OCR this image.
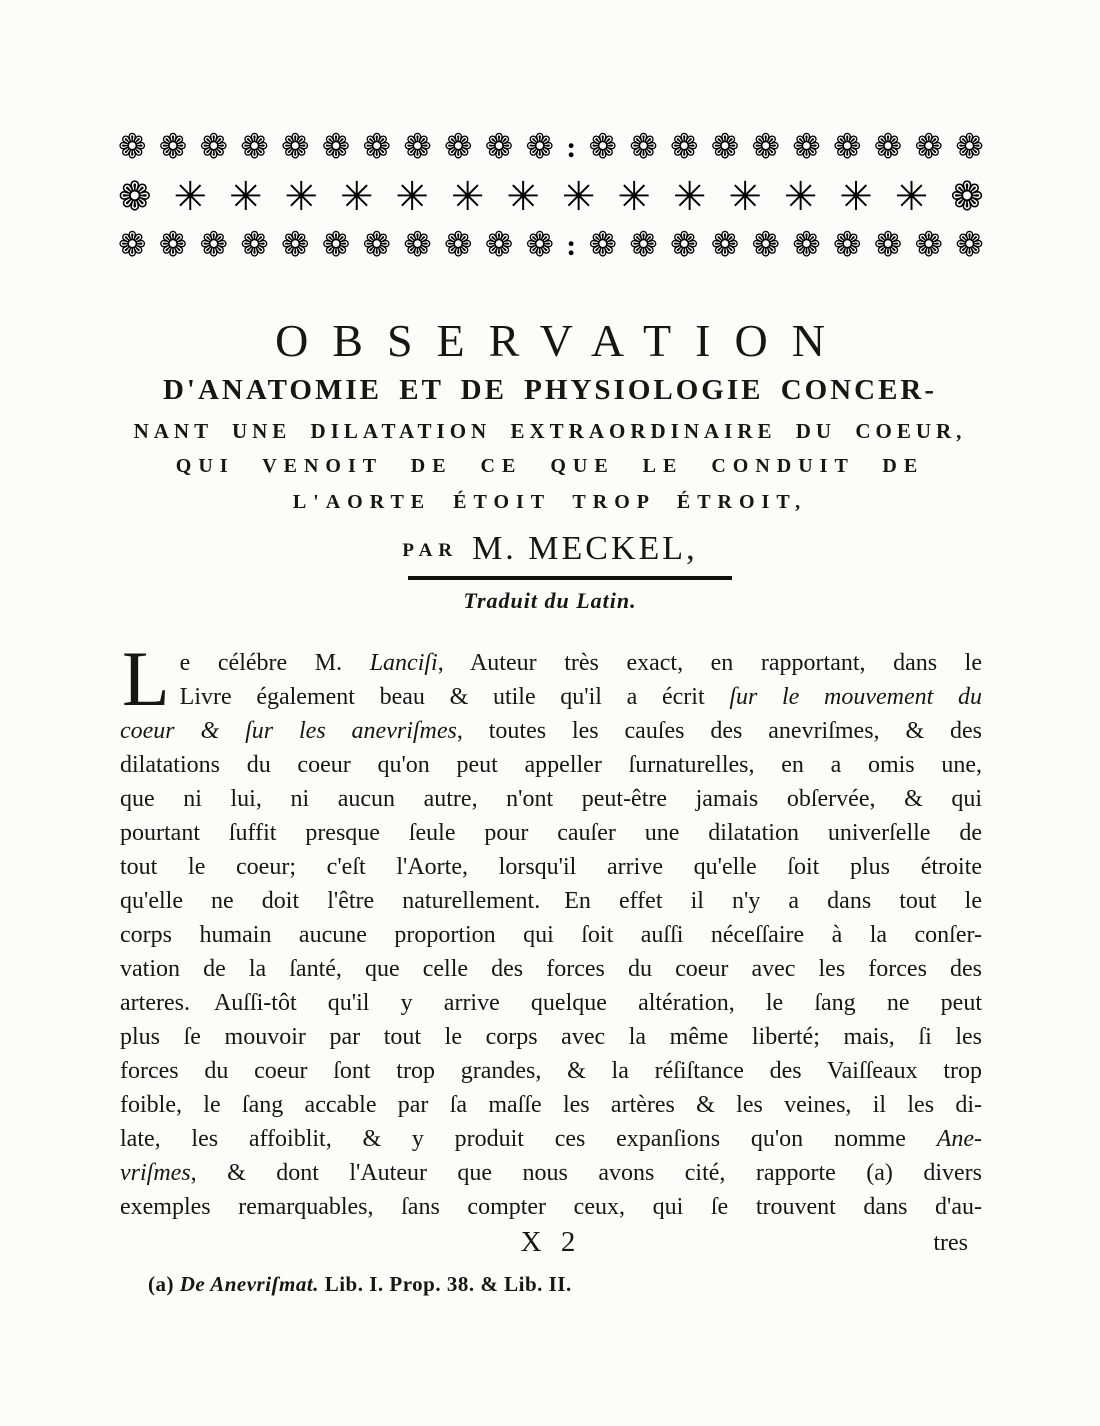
❁ ❁ ❁ ❁ ❁ ❁ ❁ ❁ ❁ ❁ ❁ : ❁ ❁ ❁ ❁ ❁ ❁ ❁ ❁ ❁ ❁
❁ ✳ ✳ ✳ ✳ ✳ ✳ ✳ ✳ ✳ ✳ ✳ ✳ ✳ ✳ ❁
❁ ❁ ❁ ❁ ❁ ❁ ❁ ❁ ❁ ❁ ❁ : ❁ ❁ ❁ ❁ ❁ ❁ ❁ ❁ ❁ ❁
OBSERVATION
D'ANATOMIE ET DE PHYSIOLOGIE CONCER-
NANT UNE DILATATION EXTRAORDINAIRE DU COEUR,
QUI VENOIT DE CE QUE LE CONDUIT DE
L'AORTE ÉTOIT TROP ÉTROIT,
PAR M. MECKEL,
Traduit du Latin.
L e célébre M. Lanciſi, Auteur très exact, en rapportant, dans le
Livre également beau & utile qu'il a écrit ſur le mouvement du
coeur & ſur les anevriſmes, toutes les cauſes des anevriſmes, & des
dilatations du coeur qu'on peut appeller ſurnaturelles, en a omis une,
que ni lui, ni aucun autre, n'ont peut-être jamais obſervée, & qui
pourtant ſuffit presque ſeule pour cauſer une dilatation univerſelle de
tout le coeur; c'eſt l'Aorte, lorsqu'il arrive qu'elle ſoit plus étroite
qu'elle ne doit l'être naturellement. En effet il n'y a dans tout le
corps humain aucune proportion qui ſoit auſſi néceſſaire à la conſer-
vation de la ſanté, que celle des forces du coeur avec les forces des
arteres. Auſſi-tôt qu'il y arrive quelque altération, le ſang ne peut
plus ſe mouvoir par tout le corps avec la même liberté; mais, ſi les
forces du coeur ſont trop grandes, & la réſiſtance des Vaiſſeaux trop
foible, le ſang accable par ſa maſſe les artères & les veines, il les di-
late, les affoiblit, & y produit ces expanſions qu'on nomme Ane-
vriſmes, & dont l'Auteur que nous avons cité, rapporte (a) divers
exemples remarquables, ſans compter ceux, qui ſe trouvent dans d'au-
X 2	tres
(a) De Anevriſmat. Lib. I. Prop. 38. & Lib. II.
